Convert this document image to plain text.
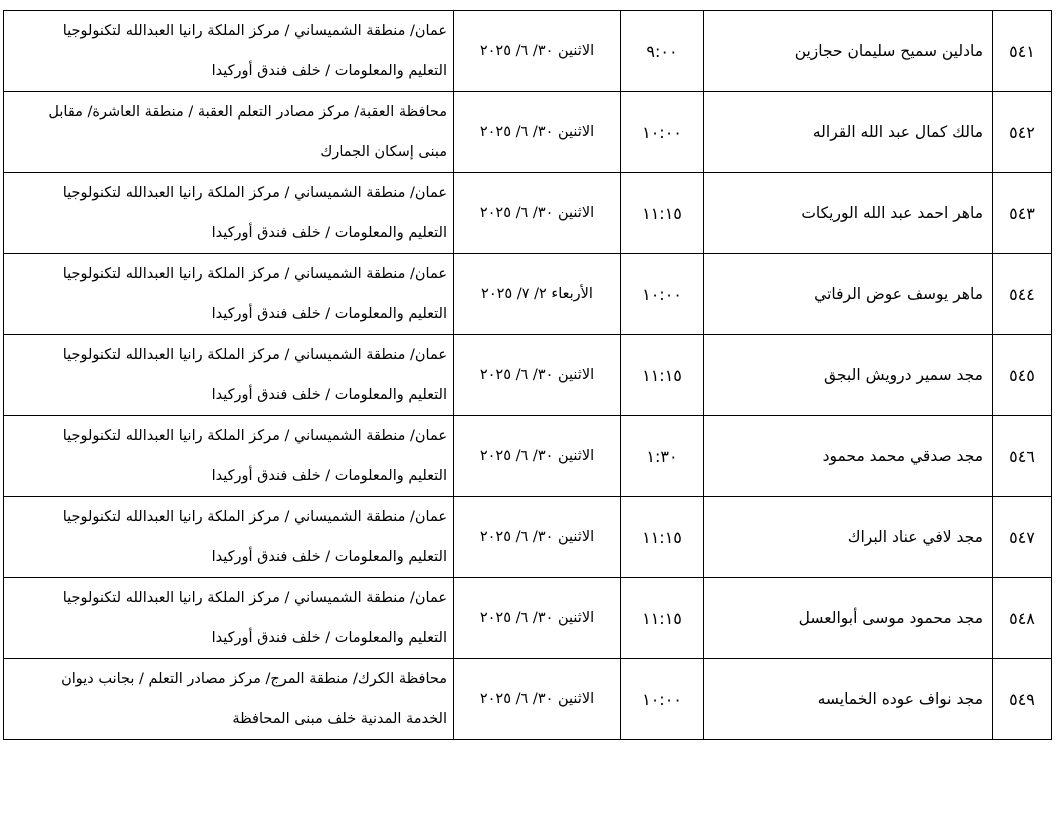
٥٤١	مادلين سميح سليمان حجازين	٩:٠٠	الاثنين ٣٠/ ٦/ ٢٠٢٥	عمان/ منطقة الشميساني / مركز الملكة رانيا العبدالله لتكنولوجيا
التعليم والمعلومات / خلف فندق أوركيدا

٥٤٢	مالك كمال عبد الله القراله	١٠:٠٠	الاثنين ٣٠/ ٦/ ٢٠٢٥	محافظة العقبة/ مركز مصادر التعلم العقبة / منطقة العاشرة/ مقابل
مبنى إسكان الجمارك

٥٤٣	ماهر احمد عبد الله الوريكات	١١:١٥	الاثنين ٣٠/ ٦/ ٢٠٢٥	عمان/ منطقة الشميساني / مركز الملكة رانيا العبدالله لتكنولوجيا
التعليم والمعلومات / خلف فندق أوركيدا

٥٤٤	ماهر يوسف عوض الرفاتي	١٠:٠٠	الأربعاء ٢/ ٧/ ٢٠٢٥	عمان/ منطقة الشميساني / مركز الملكة رانيا العبدالله لتكنولوجيا
التعليم والمعلومات / خلف فندق أوركيدا

٥٤٥	مجد سمير درويش البجق	١١:١٥	الاثنين ٣٠/ ٦/ ٢٠٢٥	عمان/ منطقة الشميساني / مركز الملكة رانيا العبدالله لتكنولوجيا
التعليم والمعلومات / خلف فندق أوركيدا

٥٤٦	مجد صدقي محمد محمود	١:٣٠	الاثنين ٣٠/ ٦/ ٢٠٢٥	عمان/ منطقة الشميساني / مركز الملكة رانيا العبدالله لتكنولوجيا
التعليم والمعلومات / خلف فندق أوركيدا

٥٤٧	مجد لافي عناد البراك	١١:١٥	الاثنين ٣٠/ ٦/ ٢٠٢٥	عمان/ منطقة الشميساني / مركز الملكة رانيا العبدالله لتكنولوجيا
التعليم والمعلومات / خلف فندق أوركيدا

٥٤٨	مجد محمود موسى أبوالعسل	١١:١٥	الاثنين ٣٠/ ٦/ ٢٠٢٥	عمان/ منطقة الشميساني / مركز الملكة رانيا العبدالله لتكنولوجيا
التعليم والمعلومات / خلف فندق أوركيدا

٥٤٩	مجد نواف عوده الخمايسه	١٠:٠٠	الاثنين ٣٠/ ٦/ ٢٠٢٥	محافظة الكرك/ منطقة المرج/ مركز مصادر التعلم / بجانب ديوان
الخدمة المدنية خلف مبنى المحافظة
